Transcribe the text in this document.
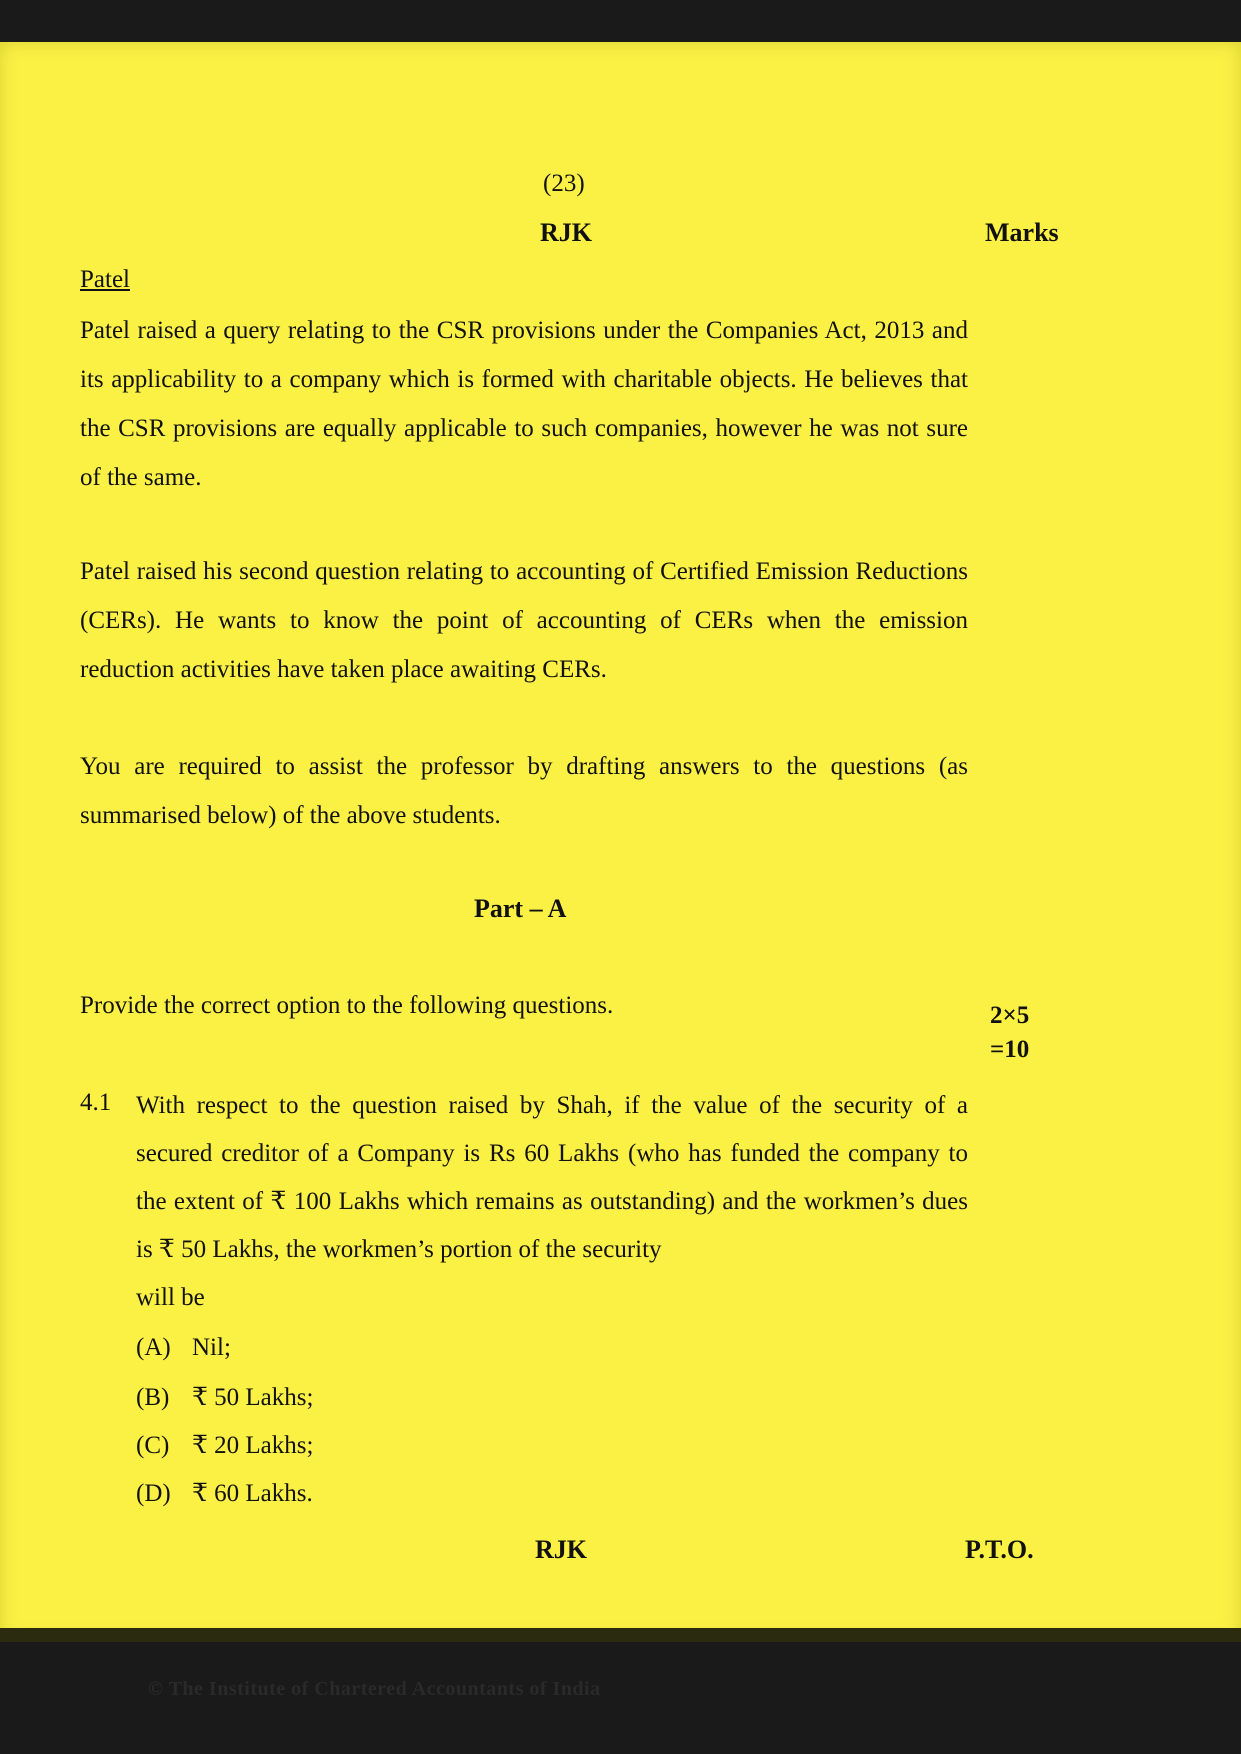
(23)
RJK	Marks
Patel
Patel raised a query relating to the CSR provisions under the Companies Act, 2013 and its applicability to a company which is formed with charitable objects. He believes that the CSR provisions are equally applicable to such companies, however he was not sure of the same.
Patel raised his second question relating to accounting of Certified Emission Reductions (CERs). He wants to know the point of accounting of CERs when the emission reduction activities have taken place awaiting CERs.
You are required to assist the professor by drafting answers to the questions (as summarised below) of the above students.
Part – A
Provide the correct option to the following questions.	2×5
=10
4.1 With respect to the question raised by Shah, if the value of the security of a secured creditor of a Company is Rs 60 Lakhs (who has funded the company to the extent of ₹ 100 Lakhs which remains as outstanding) and the workmen’s dues is ₹ 50 Lakhs, the workmen’s portion of the security
will be
(A) Nil;
(B) ₹ 50 Lakhs;
(C) ₹ 20 Lakhs;
(D) ₹ 60 Lakhs.
RJK	P.T.O.
© The Institute of Chartered Accountants of India
